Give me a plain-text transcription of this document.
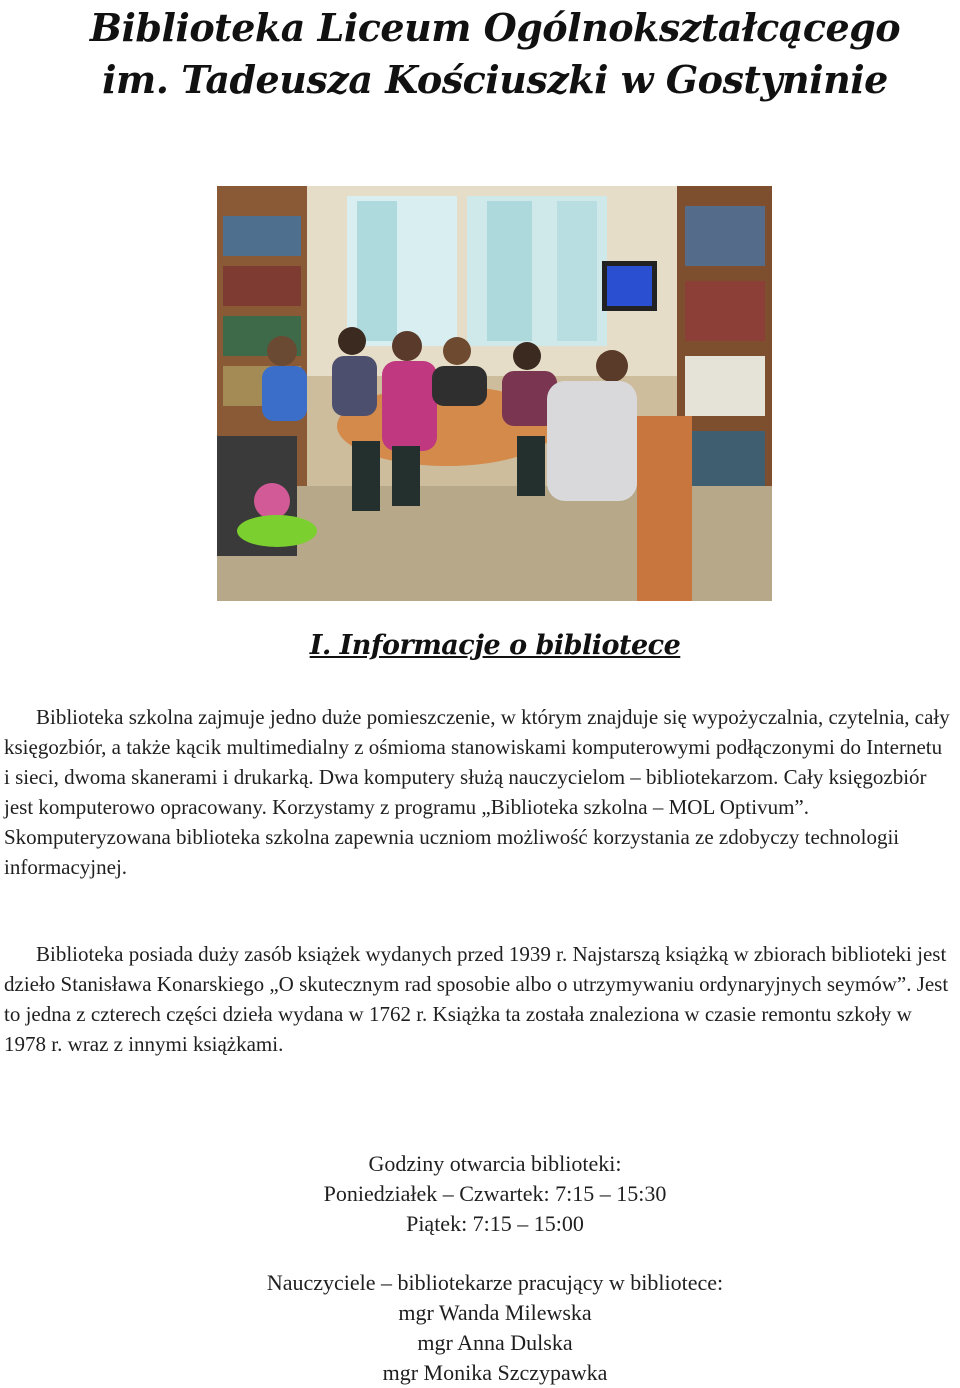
Biblioteka Liceum Ogólnokształcącego
im. Tadeusza Kościuszki w Gostyninie
I. Informacje o bibliotece

Biblioteka szkolna zajmuje jedno duże pomieszczenie, w którym znajduje się wypożyczalnia, czytelnia, cały księgozbiór, a także kącik multimedialny z ośmioma stanowiskami komputerowymi podłączonymi do Internetu i sieci, dwoma skanerami i drukarką. Dwa komputery służą nauczycielom – bibliotekarzom. Cały księgozbiór jest komputerowo opracowany. Korzystamy z programu „Biblioteka szkolna – MOL Optivum”. Skomputeryzowana biblioteka szkolna zapewnia uczniom możliwość korzystania ze zdobyczy technologii informacyjnej.

Biblioteka posiada duży zasób książek wydanych przed 1939 r. Najstarszą książką w zbiorach biblioteki jest dzieło Stanisława Konarskiego „O skutecznym rad sposobie albo o utrzymywaniu ordynaryjnych seymów”. Jest to jedna z czterech części dzieła wydana w 1762 r. Książka ta została znaleziona w czasie remontu szkoły w 1978 r. wraz z innymi książkami.

Godziny otwarcia biblioteki:
Poniedziałek – Czwartek: 7:15 – 15:30
Piątek: 7:15 – 15:00
Nauczyciele – bibliotekarze pracujący w bibliotece:
mgr Wanda Milewska
mgr Anna Dulska
mgr Monika Szczypawka
